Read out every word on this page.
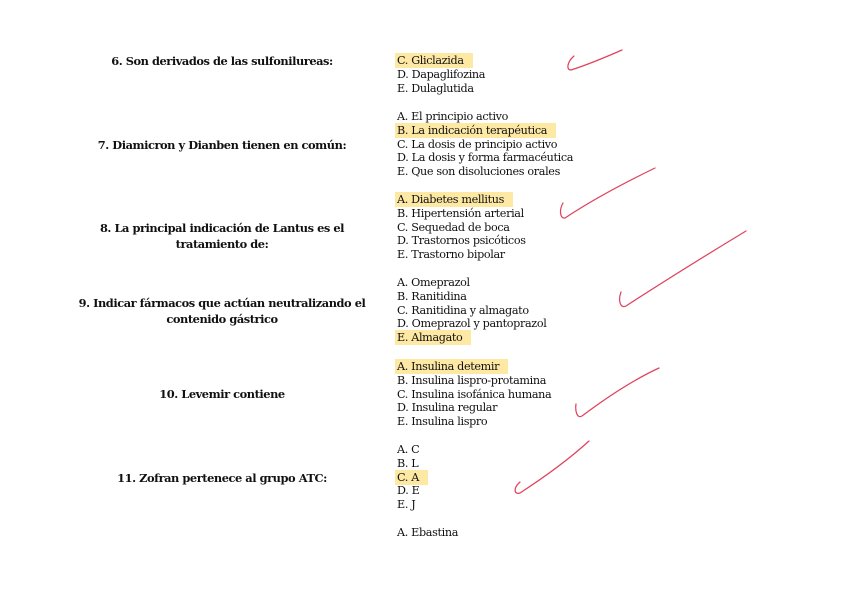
6. Son derivados de las sulfonilureas:	C. Gliclazida
D. Dapaglifozina
E. Dulaglutida
7. Diamicron y Dianben tienen en común:
A. El principio activo
B. La indicación terapéutica
C. La dosis de principio activo
D. La dosis y forma farmacéutica
E. Que son disoluciones orales
8. La principal indicación de Lantus es el tratamiento de:
A. Diabetes mellitus
B. Hipertensión arterial
C. Sequedad de boca
D. Trastornos psicóticos
E. Trastorno bipolar
9. Indicar fármacos que actúan neutralizando el contenido gástrico
A. Omeprazol
B. Ranitidina
C. Ranitidina y almagato
D. Omeprazol y pantoprazol
E. Almagato
10. Levemir contiene
A. Insulina detemir
B. Insulina lispro-protamina
C. Insulina isofánica humana
D. Insulina regular
E. Insulina lispro
11. Zofran pertenece al grupo ATC:
A. C
B. L
C. A
D. E
E. J
A. Ebastina
